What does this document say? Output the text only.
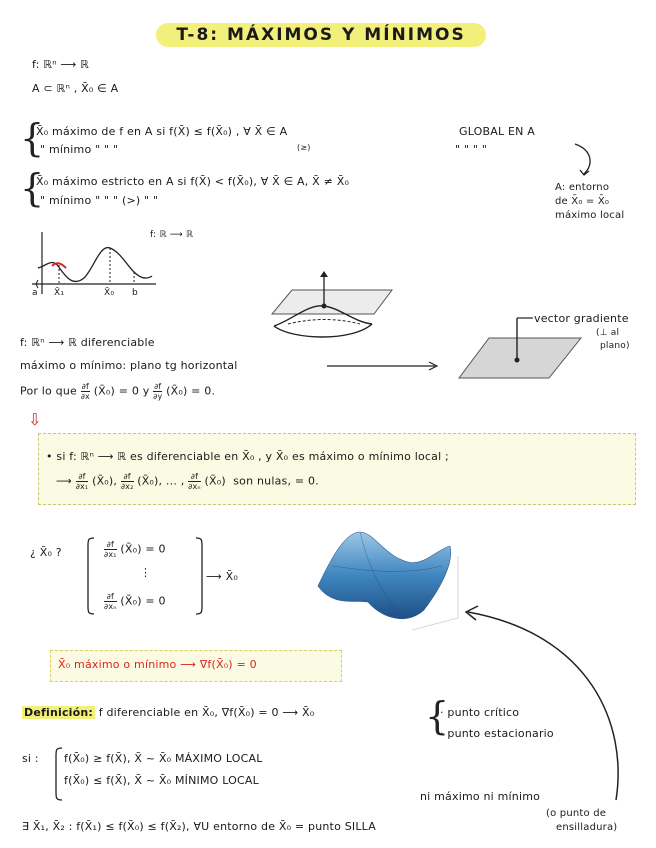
T-8: MÁXIMOS Y MÍNIMOS
f: ℝⁿ ⟶ ℝ
A ⊂ ℝⁿ , X̄₀ ∈ A
{
X̄₀ máximo de f en A si f(X̄) ≤ f(X̄₀) , ∀ X̄ ∈ A	GLOBAL EN A
" mínimo " " "	(≥)	" " " "
{
X̄₀ máximo estricto en A si f(X̄) < f(X̄₀), ∀ X̄ ∈ A, X̄ ≠ X̄₀
" mínimo " " " (>) " "
A: entorno
de X̄₀ = X̄₀
máximo local
f: ℝ ⟶ ℝ
a X̄₁	X̄₀ b
vector gradiente
(⊥ al
plano)
f: ℝⁿ ⟶ ℝ diferenciable
máximo o mínimo: plano tg horizontal
Por lo que $\frac{\partial f}{\partial x}$ (X̄₀) = 0 y $\frac{\partial f}{\partial y}$ (X̄₀) = 0.
⇩
• si f: ℝⁿ ⟶ ℝ es diferenciable en X̄₀ , y X̄₀ es máximo o mínimo local ;
⟶ $\frac{\partial f}{\text{∂x₁}}$ (X̄₀), $\frac{\partial f}{\text{∂x₂}}$ (X̄₀), ... , $\frac{\partial f}{\text{∂xₙ}}$ (X̄₀) son nulas, = 0.
¿ X̄₀ ?	$\frac{\partial f}{\text{∂x₁}}$ (X̄₀) = 0
⋮
$\frac{\partial f}{\text{∂xₙ}}$ (X̄₀) = 0
⟶ X̄₀
X̄₀ máximo o mínimo ⟶ ∇f(X̄₀) = 0
Definición: f diferenciable en X̄₀, ∇f(X̄₀) = 0 ⟶ X̄₀	{
· punto crítico
· punto estacionario
si : f(X̄₀) ≥ f(X̄), X̄ ~ X̄₀ MÁXIMO LOCAL
f(X̄₀) ≤ f(X̄), X̄ ~ X̄₀ MÍNIMO LOCAL
ni máximo ni mínimo
∃ X̄₁, X̄₂ : f(X̄₁) ≤ f(X̄₀) ≤ f(X̄₂), ∀U entorno de X̄₀ = punto SILLA
(o punto de
ensilladura)
